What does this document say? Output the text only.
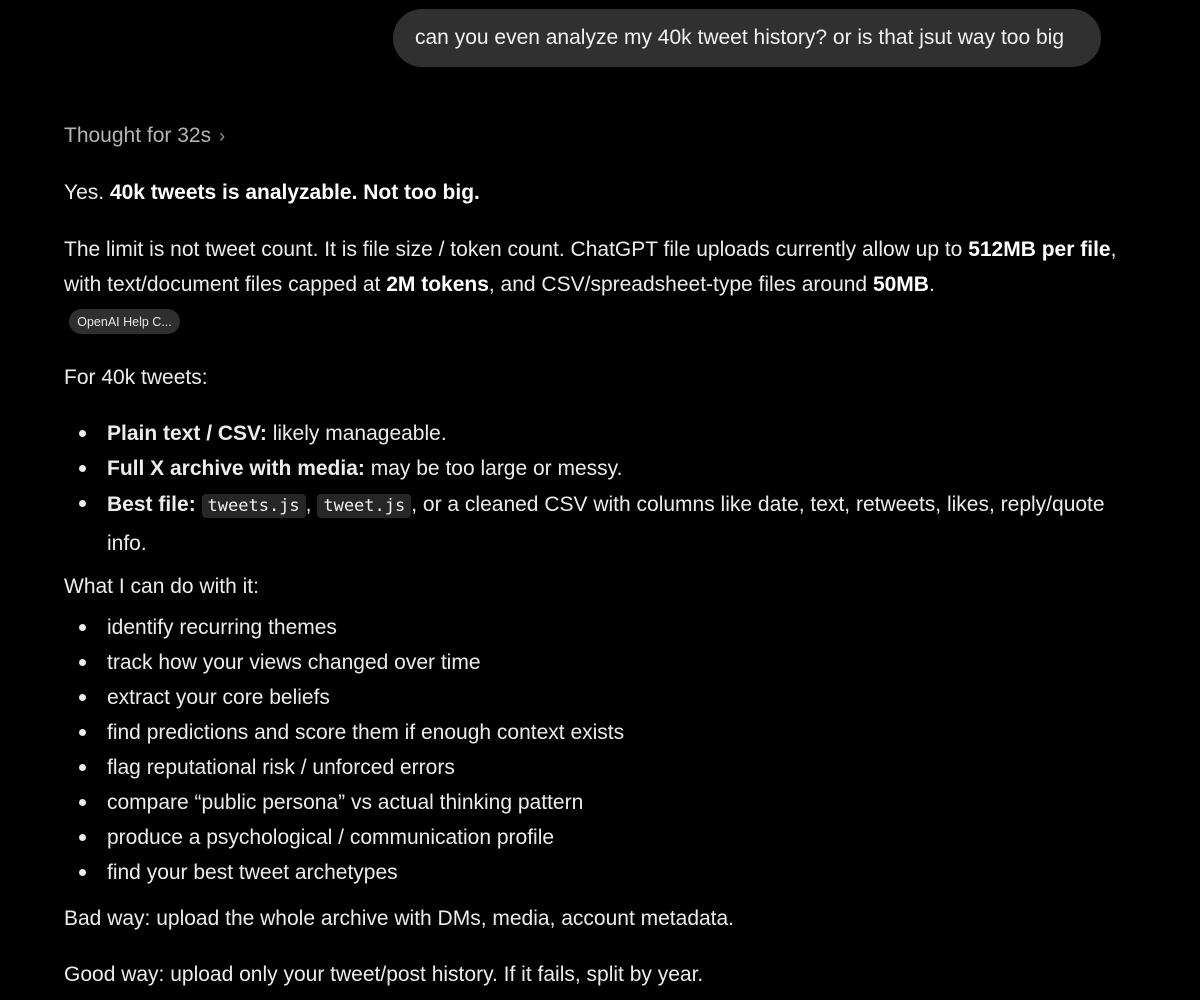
can you even analyze my 40k tweet history? or is that jsut way too big
Thought for 32s ›

Yes. 40k tweets is analyzable. Not too big.

The limit is not tweet count. It is file size / token count. ChatGPT file uploads currently allow up to 512MB per file, with text/document files capped at 2M tokens, and CSV/spreadsheet-type files around 50MB.

OpenAI Help C...

For 40k tweets:

Plain text / CSV: likely manageable.
Full X archive with media: may be too large or messy.
Best file: tweets.js , tweet.js , or a cleaned CSV with columns like date, text, retweets, likes, reply/quote info.

What I can do with it:

identify recurring themes
track how your views changed over time
extract your core beliefs
find predictions and score them if enough context exists
flag reputational risk / unforced errors
compare “public persona” vs actual thinking pattern
produce a psychological / communication profile
find your best tweet archetypes

Bad way: upload the whole archive with DMs, media, account metadata.

Good way: upload only your tweet/post history. If it fails, split by year.
